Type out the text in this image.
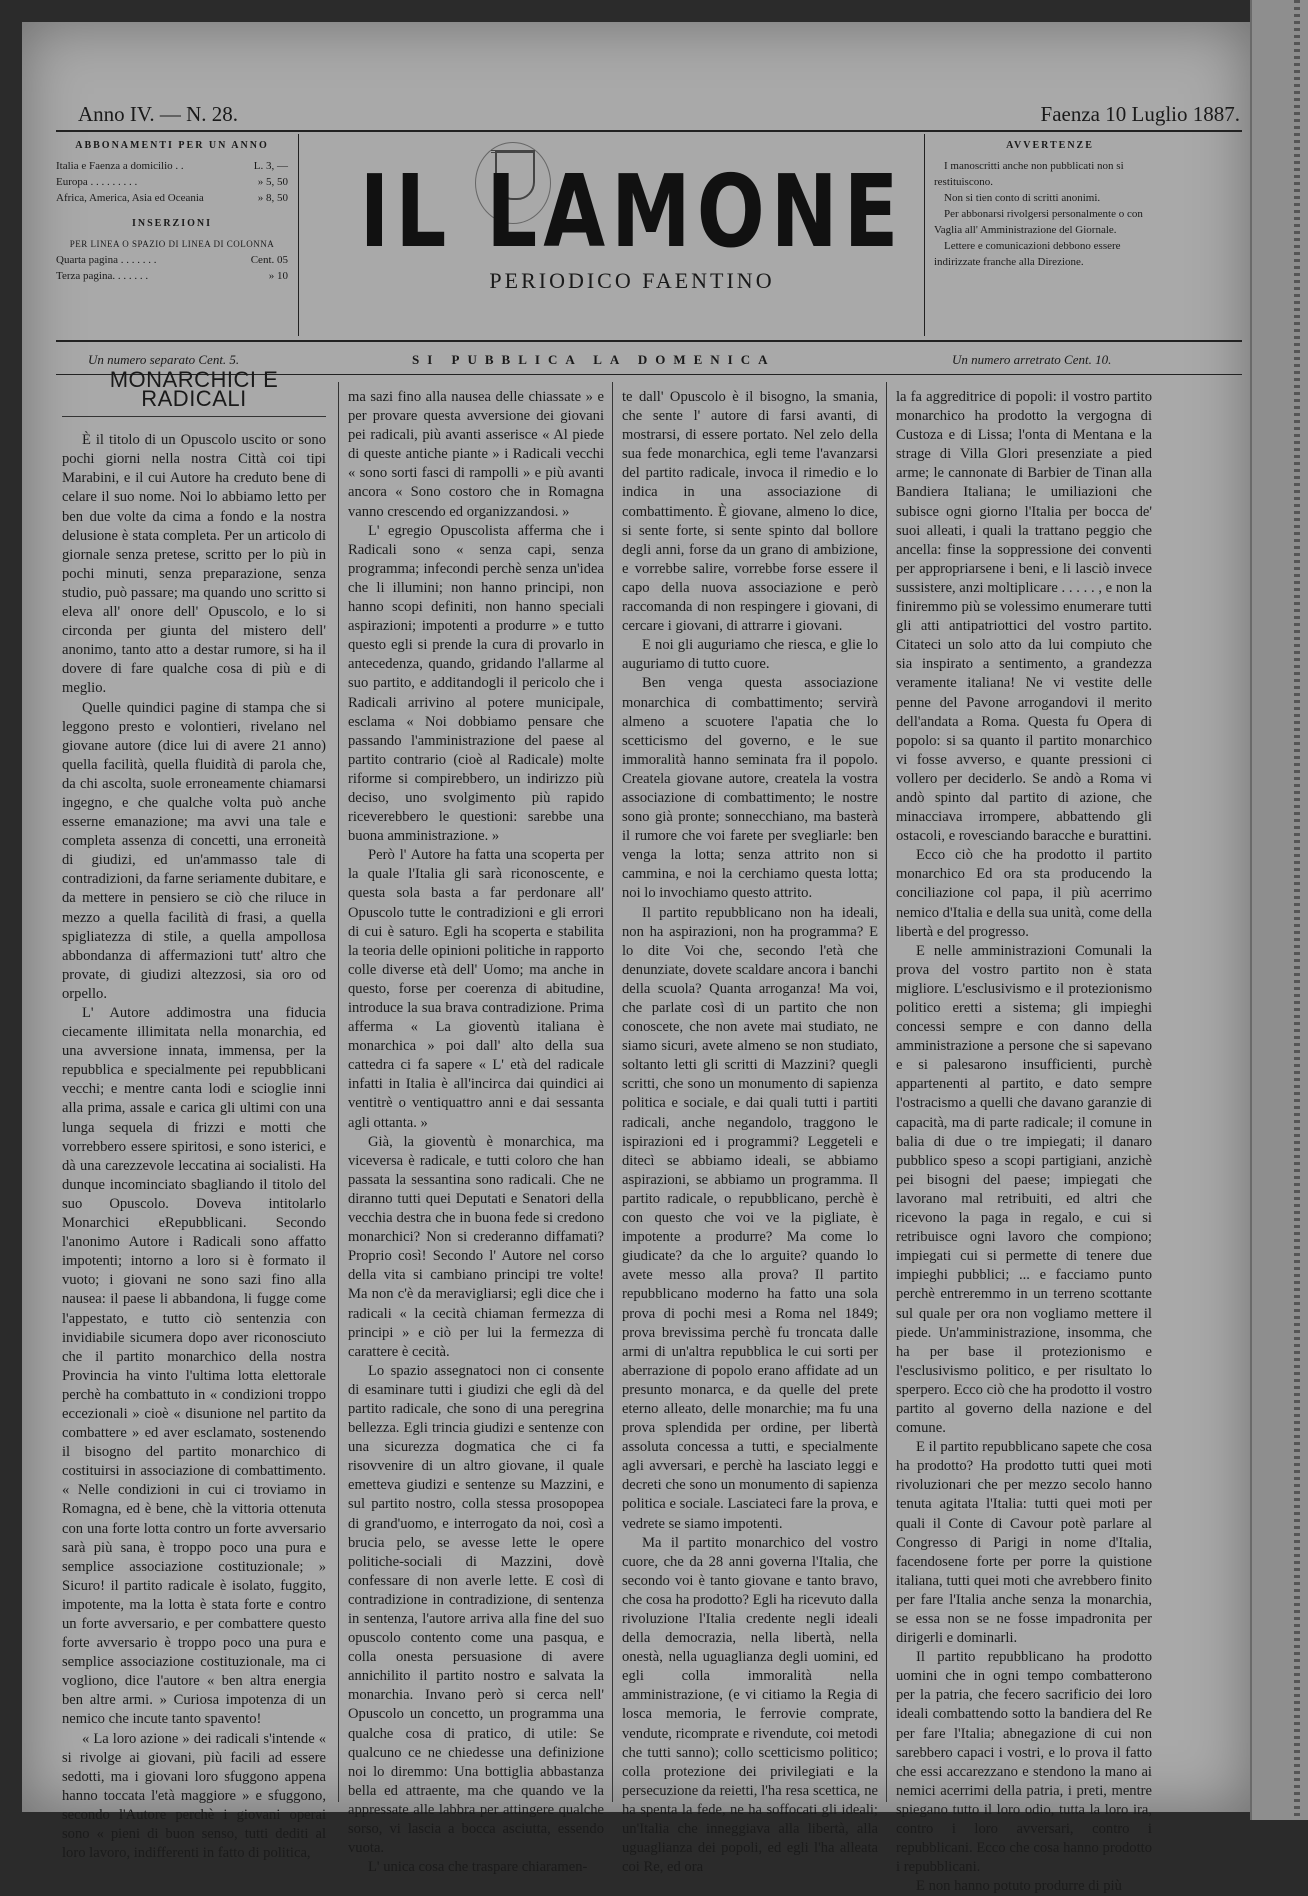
Anno IV. — N. 28.	Faenza 10 Luglio 1887.
ABBONAMENTI PER UN ANNO
Italia e Faenza a domicilio . .	L. 3, —
Europa . . . . . . . . .	» 5, 50
Africa, America, Asia ed Oceania	» 8, 50
INSERZIONI
PER LINEA O SPAZIO DI LINEA DI COLONNA
Quarta pagina . . . . . . .	Cent. 05
Terza pagina. . . . . . .	» 10
IL LAMONE
PERIODICO FAENTINO
AVVERTENZE
I manoscritti anche non pubblicati non si restituiscono.
Non si tien conto di scritti anonimi.
Per abbonarsi rivolgersi personalmente o con Vaglia all' Amministrazione del Giornale.
Lettere e comunicazioni debbono essere indirizzate franche alla Direzione.
Un numero separato Cent. 5.	SI PUBBLICA LA DOMENICA	Un numero arretrato Cent. 10.
MONARCHICI E RADICALI

È il titolo di un Opuscolo uscito or sono pochi giorni nella nostra Città coi tipi Marabini, e il cui Autore ha creduto bene di celare il suo nome. Noi lo abbiamo letto per ben due volte da cima a fondo e la nostra delusione è stata completa. Per un articolo di giornale senza pretese, scritto per lo più in pochi minuti, senza preparazione, senza studio, può passare; ma quando uno scritto si eleva all' onore dell' Opuscolo, e lo si circonda per giunta del mistero dell' anonimo, tanto atto a destar rumore, si ha il dovere di fare qualche cosa di più e di meglio.

Quelle quindici pagine di stampa che si leggono presto e volontieri, rivelano nel giovane autore (dice lui di avere 21 anno) quella facilità, quella fluidità di parola che, da chi ascolta, suole erroneamente chiamarsi ingegno, e che qualche volta può anche esserne emanazione; ma avvi una tale e completa assenza di concetti, una erroneità di giudizi, ed un'ammasso tale di contradizioni, da farne seriamente dubitare, e da mettere in pensiero se ciò che riluce in mezzo a quella facilità di frasi, a quella spigliatezza di stile, a quella ampollosa abbondanza di affermazioni tutt' altro che provate, di giudizi altezzosi, sia oro od orpello.

L' Autore addimostra una fiducia ciecamente illimitata nella monarchia, ed una avversione innata, immensa, per la repubblica e specialmente pei repubblicani vecchi; e mentre canta lodi e scioglie inni alla prima, assale e carica gli ultimi con una lunga sequela di frizzi e motti che vorrebbero essere spiritosi, e sono isterici, e dà una carezzevole leccatina ai socialisti. Ha dunque incominciato sbagliando il titolo del suo Opuscolo. Doveva intitolarlo Monarchici eRepubblicani. Secondo l'anonimo Autore i Radicali sono affatto impotenti; intorno a loro si è formato il vuoto; i giovani ne sono sazi fino alla nausea: il paese li abbandona, li fugge come l'appestato, e tutto ciò sentenzia con invidiabile sicumera dopo aver riconosciuto che il partito monarchico della nostra Provincia ha vinto l'ultima lotta elettorale perchè ha combattuto in « condizioni troppo eccezionali » cioè « disunione nel partito da combattere » ed aver esclamato, sostenendo il bisogno del partito monarchico di costituirsi in associazione di combattimento. « Nelle condizioni in cui ci troviamo in Romagna, ed è bene, chè la vittoria ottenuta con una forte lotta contro un forte avversario sarà più sana, è troppo poco una pura e semplice associazione costituzionale; » Sicuro! il partito radicale è isolato, fuggito, impotente, ma la lotta è stata forte e contro un forte avversario, e per combattere questo forte avversario è troppo poco una pura e semplice associazione costituzionale, ma ci vogliono, dice l'autore « ben altra energia ben altre armi. » Curiosa impotenza di un nemico che incute tanto spavento!

« La loro azione » dei radicali s'intende « si rivolge ai giovani, più facili ad essere sedotti, ma i giovani loro sfuggono appena hanno toccata l'età maggiore » e sfuggono, secondo l'Autore perchè i giovani operai sono « pieni di buon senso, tutti dediti al loro lavoro, indifferenti in fatto di politica,

ma sazi fino alla nausea delle chiassate » e per provare questa avversione dei giovani pei radicali, più avanti asserisce « Al piede di queste antiche piante » i Radicali vecchi « sono sorti fasci di rampolli » e più avanti ancora « Sono costoro che in Romagna vanno crescendo ed organizzandosi. »

L' egregio Opuscolista afferma che i Radicali sono « senza capi, senza programma; infecondi perchè senza un'idea che li illumini; non hanno principi, non hanno scopi definiti, non hanno speciali aspirazioni; impotenti a produrre » e tutto questo egli si prende la cura di provarlo in antecedenza, quando, gridando l'allarme al suo partito, e additandogli il pericolo che i Radicali arrivino al potere municipale, esclama « Noi dobbiamo pensare che passando l'amministrazione del paese al partito contrario (cioè al Radicale) molte riforme si compirebbero, un indirizzo più deciso, uno svolgimento più rapido riceverebbero le questioni: sarebbe una buona amministrazione. »

Però l' Autore ha fatta una scoperta per la quale l'Italia gli sarà riconoscente, e questa sola basta a far perdonare all' Opuscolo tutte le contradizioni e gli errori di cui è saturo. Egli ha scoperta e stabilita la teoria delle opinioni politiche in rapporto colle diverse età dell' Uomo; ma anche in questo, forse per coerenza di abitudine, introduce la sua brava contradizione. Prima afferma « La gioventù italiana è monarchica » poi dall' alto della sua cattedra ci fa sapere « L' età del radicale infatti in Italia è all'incirca dai quindici ai ventitrè o ventiquattro anni e dai sessanta agli ottanta. »

Già, la gioventù è monarchica, ma viceversa è radicale, e tutti coloro che han passata la sessantina sono radicali. Che ne diranno tutti quei Deputati e Senatori della vecchia destra che in buona fede si credono monarchici? Non si crederanno diffamati? Proprio così! Secondo l' Autore nel corso della vita si cambiano principi tre volte! Ma non c'è da meravigliarsi; egli dice che i radicali « la cecità chiaman fermezza di principi » e ciò per lui la fermezza di carattere è cecità.

Lo spazio assegnatoci non ci consente di esaminare tutti i giudizi che egli dà del partito radicale, che sono di una peregrina bellezza. Egli trincia giudizi e sentenze con una sicurezza dogmatica che ci fa risovvenire di un altro giovane, il quale emetteva giudizi e sentenze su Mazzini, e sul partito nostro, colla stessa prosopopea di grand'uomo, e interrogato da noi, così a brucia pelo, se avesse lette le opere politiche-sociali di Mazzini, dovè confessare di non averle lette. E così di contradizione in contradizione, di sentenza in sentenza, l'autore arriva alla fine del suo opuscolo contento come una pasqua, e colla onesta persuasione di avere annichilito il partito nostro e salvata la monarchia. Invano però si cerca nell' Opuscolo un concetto, un programma una qualche cosa di pratico, di utile: Se qualcuno ce ne chiedesse una definizione noi lo diremmo: Una bottiglia abbastanza bella ed attraente, ma che quando ve la appressate alle labbra per attingere qualche sorso, vi lascia a bocca asciutta, essendo vuota.

L' unica cosa che traspare chiaramen-

te dall' Opuscolo è il bisogno, la smania, che sente l' autore di farsi avanti, di mostrarsi, di essere portato. Nel zelo della sua fede monarchica, egli teme l'avanzarsi del partito radicale, invoca il rimedio e lo indica in una associazione di combattimento. È giovane, almeno lo dice, si sente forte, si sente spinto dal bollore degli anni, forse da un grano di ambizione, e vorrebbe salire, vorrebbe forse essere il capo della nuova associazione e però raccomanda di non respingere i giovani, di cercare i giovani, di attrarre i giovani.

E noi gli auguriamo che riesca, e glie lo auguriamo di tutto cuore.

Ben venga questa associazione monarchica di combattimento; servirà almeno a scuotere l'apatia che lo scetticismo del governo, e le sue immoralità hanno seminata fra il popolo. Createla giovane autore, createla la vostra associazione di combattimento; le nostre sono già pronte; sonnecchiano, ma basterà il rumore che voi farete per svegliarle: ben venga la lotta; senza attrito non si cammina, e noi la cerchiamo questa lotta; noi lo invochiamo questo attrito.

Il partito repubblicano non ha ideali, non ha aspirazioni, non ha programma? E lo dite Voi che, secondo l'età che denunziate, dovete scaldare ancora i banchi della scuola? Quanta arroganza! Ma voi, che parlate così di un partito che non conoscete, che non avete mai studiato, ne siamo sicuri, avete almeno se non studiato, soltanto letti gli scritti di Mazzini? quegli scritti, che sono un monumento di sapienza politica e sociale, e dai quali tutti i partiti radicali, anche negandolo, traggono le ispirazioni ed i programmi? Leggeteli e ditecì se abbiamo ideali, se abbiamo aspirazioni, se abbiamo un programma. Il partito radicale, o repubblicano, perchè è con questo che voi ve la pigliate, è impotente a produrre? Ma come lo giudicate? da che lo arguite? quando lo avete messo alla prova? Il partito repubblicano moderno ha fatto una sola prova di pochi mesi a Roma nel 1849; prova brevissima perchè fu troncata dalle armi di un'altra repubblica le cui sorti per aberrazione di popolo erano affidate ad un presunto monarca, e da quelle del prete eterno alleato, delle monarchie; ma fu una prova splendida per ordine, per libertà assoluta concessa a tutti, e specialmente agli avversari, e perchè ha lasciato leggi e decreti che sono un monumento di sapienza politica e sociale. Lasciateci fare la prova, e vedrete se siamo impotenti.

Ma il partito monarchico del vostro cuore, che da 28 anni governa l'Italia, che secondo voi è tanto giovane e tanto bravo, che cosa ha prodotto? Egli ha ricevuto dalla rivoluzione l'Italia credente negli ideali della democrazia, nella libertà, nella onestà, nella uguaglianza degli uomini, ed egli colla immoralità nella amministrazione, (e vi citiamo la Regia di losca memoria, le ferrovie comprate, vendute, ricomprate e rivendute, coi metodi che tutti sanno); collo scetticismo politico; colla protezione dei privilegiati e la persecuzione da reietti, l'ha resa scettica, ne ha spenta la fede, ne ha soffocati gli ideali; un'Italia che inneggiava alla libertà, alla uguaglianza dei popoli, ed egli l'ha alleata coi Re, ed ora

la fa aggreditrice di popoli: il vostro partito monarchico ha prodotto la vergogna di Custoza e di Lissa; l'onta di Mentana e la strage di Villa Glori presenziate a pied arme; le cannonate di Barbier de Tinan alla Bandiera Italiana; le umiliazioni che subisce ogni giorno l'Italia per bocca de' suoi alleati, i quali la trattano peggio che ancella: finse la soppressione dei conventi per appropriarsene i beni, e li lasciò invece sussistere, anzi moltiplicare . . . . . , e non la finiremmo più se volessimo enumerare tutti gli atti antipatriottici del vostro partito. Citateci un solo atto da lui compiuto che sia inspirato a sentimento, a grandezza veramente italiana! Ne vi vestite delle penne del Pavone arrogandovi il merito dell'andata a Roma. Questa fu Opera di popolo: si sa quanto il partito monarchico vi fosse avverso, e quante pressioni ci vollero per deciderlo. Se andò a Roma vi andò spinto dal partito di azione, che minacciava irrompere, abbattendo gli ostacoli, e rovesciando baracche e burattini.

Ecco ciò che ha prodotto il partito monarchico Ed ora sta producendo la conciliazione col papa, il più acerrimo nemico d'Italia e della sua unità, come della libertà e del progresso.

E nelle amministrazioni Comunali la prova del vostro partito non è stata migliore. L'esclusivismo e il protezionismo politico eretti a sistema; gli impieghi concessi sempre e con danno della amministrazione a persone che si sapevano e si palesarono insufficienti, purchè appartenenti al partito, e dato sempre l'ostracismo a quelli che davano garanzie di capacità, ma di parte radicale; il comune in balia di due o tre impiegati; il danaro pubblico speso a scopi partigiani, anzichè pei bisogni del paese; impiegati che lavorano mal retribuiti, ed altri che ricevono la paga in regalo, e cui si retribuisce ogni lavoro che compiono; impiegati cui si permette di tenere due impieghi pubblici; ... e facciamo punto perchè entreremmo in un terreno scottante sul quale per ora non vogliamo mettere il piede. Un'amministrazione, insomma, che ha per base il protezionismo e l'esclusivismo politico, e per risultato lo sperpero. Ecco ciò che ha prodotto il vostro partito al governo della nazione e del comune.

E il partito repubblicano sapete che cosa ha prodotto? Ha prodotto tutti quei moti rivoluzionari che per mezzo secolo hanno tenuta agitata l'Italia: tutti quei moti per quali il Conte di Cavour potè parlare al Congresso di Parigi in nome d'Italia, facendosene forte per porre la quistione italiana, tutti quei moti che avrebbero finito per fare l'Italia anche senza la monarchia, se essa non se ne fosse impadronita per dirigerli e dominarli.

Il partito repubblicano ha prodotto uomini che in ogni tempo combatterono per la patria, che fecero sacrificio dei loro ideali combattendo sotto la bandiera del Re per fare l'Italia; abnegazione di cui non sarebbero capaci i vostri, e lo prova il fatto che essi accarezzano e stendono la mano ai nemici acerrimi della patria, i preti, mentre spieganо tutto il loro odio, tutta la loro ira, contro i loro avversari, contro i repubblicani. Ecco che cosa hanno prodotto i repubblicani.

E non hanno potuto produrre di più
